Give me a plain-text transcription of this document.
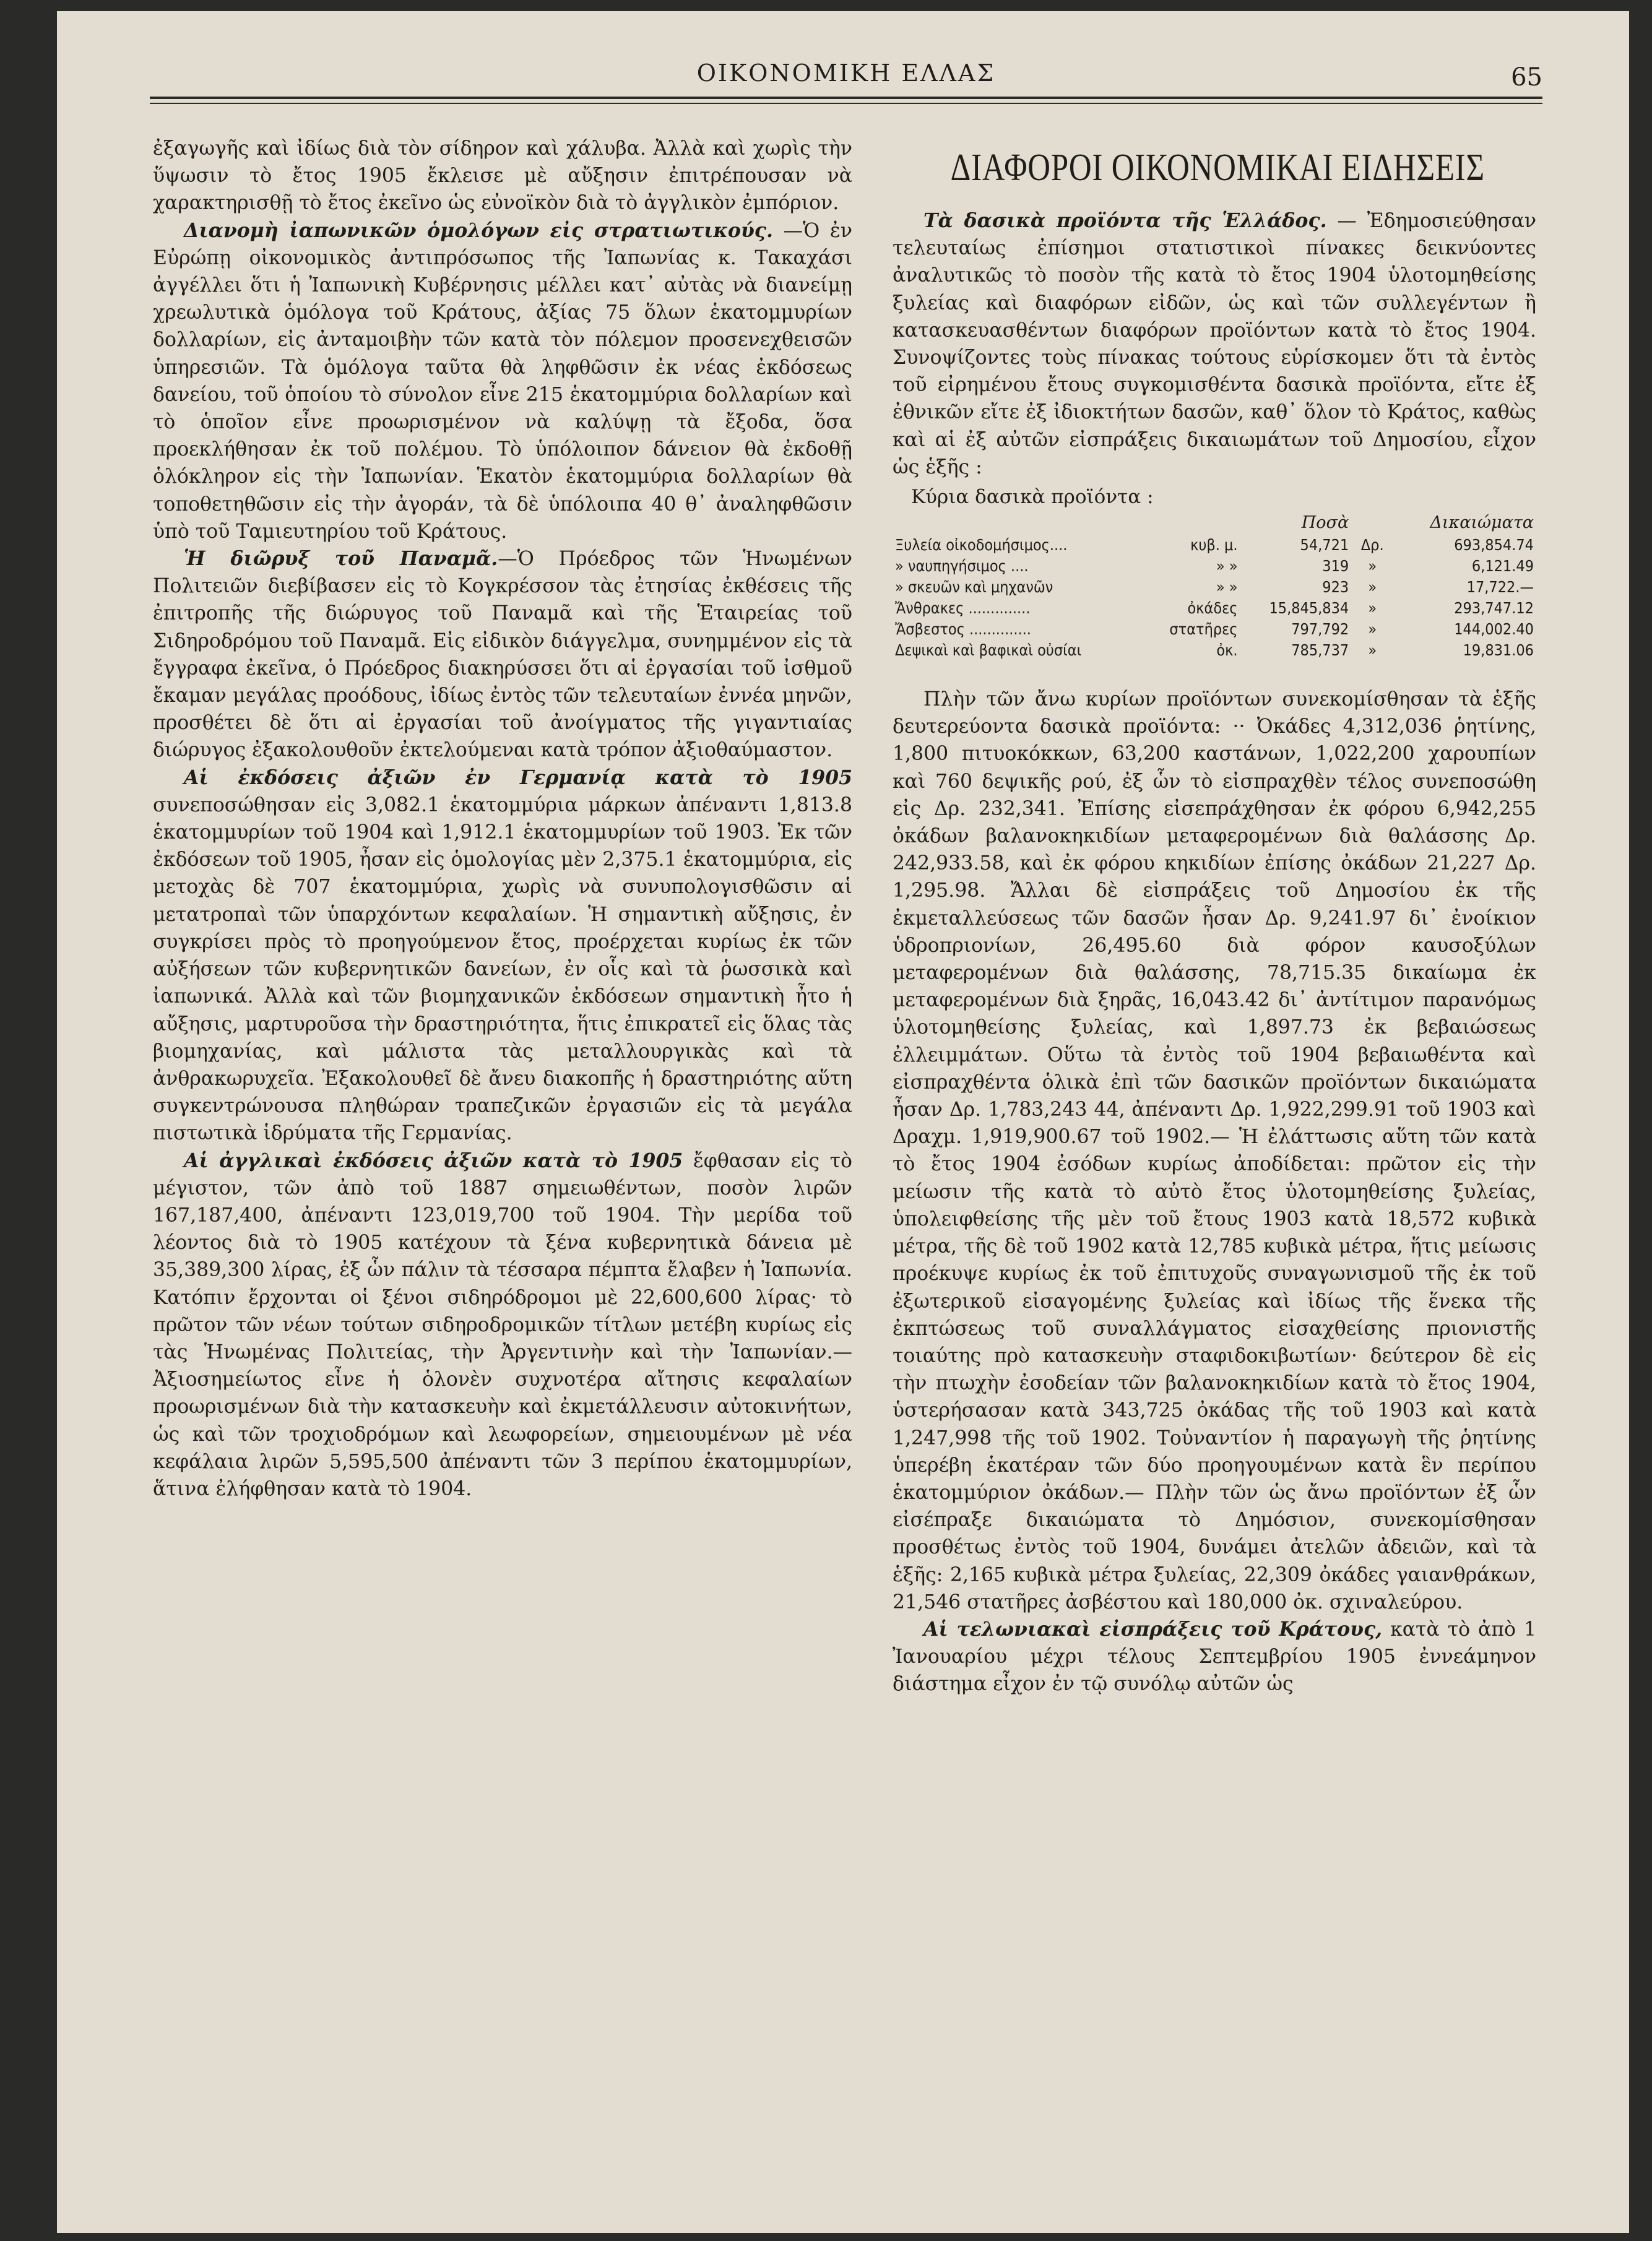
ΟΙΚΟΝΟΜΙΚΗ ΕΛΛΑΣ	65

ἐξαγωγῆς καὶ ἰδίως διὰ τὸν σίδηρον καὶ χάλυβα. Ἀλλὰ καὶ χωρὶς τὴν ὕψωσιν τὸ ἔτος 1905 ἔκλεισε μὲ αὔξησιν ἐπιτρέπουσαν νὰ χαρακτηρισθῇ τὸ ἔτος ἐκεῖνο ὡς εὐνοϊκὸν διὰ τὸ ἀγγλικὸν ἐμπόριον.

Διανομὴ ἰαπωνικῶν ὁμολόγων εἰς στρατιωτικούς. —Ὁ ἐν Εὐρώπῃ οἰκονομικὸς ἀντιπρόσωπος τῆς Ἰαπωνίας κ. Τακαχάσι ἀγγέλλει ὅτι ἡ Ἰαπωνικὴ Κυβέρνησις μέλλει κατ᾽ αὐτὰς νὰ διανείμῃ χρεωλυτικὰ ὁμόλογα τοῦ Κράτους, ἀξίας 75 ὅλων ἑκατομμυρίων δολλαρίων, εἰς ἀνταμοιβὴν τῶν κατὰ τὸν πόλεμον προσενεχθεισῶν ὑπηρεσιῶν. Τὰ ὁμόλογα ταῦτα θὰ ληφθῶσιν ἐκ νέας ἐκδόσεως δανείου, τοῦ ὁποίου τὸ σύνολον εἶνε 215 ἑκατομμύρια δολλαρίων καὶ τὸ ὁποῖον εἶνε προωρισμένον νὰ καλύψῃ τὰ ἔξοδα, ὅσα προεκλήθησαν ἐκ τοῦ πολέμου. Τὸ ὑπόλοιπον δάνειον θὰ ἐκδοθῇ ὁλόκληρον εἰς τὴν Ἰαπωνίαν. Ἑκατὸν ἑκατομμύρια δολλαρίων θὰ τοποθετηθῶσιν εἰς τὴν ἀγοράν, τὰ δὲ ὑπόλοιπα 40 θ᾽ ἀναληφθῶσιν ὑπὸ τοῦ Ταμιευτηρίου τοῦ Κράτους.

Ἡ διῶρυξ τοῦ Παναμᾶ.—Ὁ Πρόεδρος τῶν Ἡνωμένων Πολιτειῶν διεβίβασεν εἰς τὸ Κογκρέσσον τὰς ἐτησίας ἐκθέσεις τῆς ἐπιτροπῆς τῆς διώρυγος τοῦ Παναμᾶ καὶ τῆς Ἑταιρείας τοῦ Σιδηροδρόμου τοῦ Παναμᾶ. Εἰς εἰδικὸν διάγγελμα, συνημμένον εἰς τὰ ἔγγραφα ἐκεῖνα, ὁ Πρόεδρος διακηρύσσει ὅτι αἱ ἐργασίαι τοῦ ἰσθμοῦ ἔκαμαν μεγάλας προόδους, ἰδίως ἐντὸς τῶν τελευταίων ἐννέα μηνῶν, προσθέτει δὲ ὅτι αἱ ἐργασίαι τοῦ ἀνοίγματος τῆς γιγαντιαίας διώρυγος ἐξακολουθοῦν ἐκτελούμεναι κατὰ τρόπον ἀξιοθαύμαστον.

Αἱ ἐκδόσεις ἀξιῶν ἐν Γερμανίᾳ κατὰ τὸ 1905 συνεποσώθησαν εἰς 3,082.1 ἑκατομμύρια μάρκων ἀπέναντι 1,813.8 ἑκατομμυρίων τοῦ 1904 καὶ 1,912.1 ἑκατομμυρίων τοῦ 1903. Ἐκ τῶν ἐκδόσεων τοῦ 1905, ἦσαν εἰς ὁμολογίας μὲν 2,375.1 ἑκατομμύρια, εἰς μετοχὰς δὲ 707 ἑκατομμύρια, χωρὶς νὰ συνυπολογισθῶσιν αἱ μετατροπαὶ τῶν ὑπαρχόντων κεφαλαίων. Ἡ σημαντικὴ αὔξησις, ἐν συγκρίσει πρὸς τὸ προηγούμενον ἔτος, προέρχεται κυρίως ἐκ τῶν αὐξήσεων τῶν κυβερνητικῶν δανείων, ἐν οἷς καὶ τὰ ῥωσσικὰ καὶ ἰαπωνικά. Ἀλλὰ καὶ τῶν βιομηχανικῶν ἐκδόσεων σημαντικὴ ἦτο ἡ αὔξησις, μαρτυροῦσα τὴν δραστηριότητα, ἥτις ἐπικρατεῖ εἰς ὅλας τὰς βιομηχανίας, καὶ μάλιστα τὰς μεταλλουργικὰς καὶ τὰ ἀνθρακωρυχεῖα. Ἐξακολουθεῖ δὲ ἄνευ διακοπῆς ἡ δραστηριότης αὕτη συγκεντρώνουσα πληθώραν τραπεζικῶν ἐργασιῶν εἰς τὰ μεγάλα πιστωτικὰ ἱδρύματα τῆς Γερμανίας.

Αἱ ἀγγλικαὶ ἐκδόσεις ἀξιῶν κατὰ τὸ 1905 ἔφθασαν εἰς τὸ μέγιστον, τῶν ἀπὸ τοῦ 1887 σημειωθέντων, ποσὸν λιρῶν 167,187,400, ἀπέναντι 123,019,700 τοῦ 1904. Τὴν μερίδα τοῦ λέοντος διὰ τὸ 1905 κατέχουν τὰ ξένα κυβερνητικὰ δάνεια μὲ 35,389,300 λίρας, ἐξ ὧν πάλιν τὰ τέσσαρα πέμπτα ἔλαβεν ἡ Ἰαπωνία. Κατόπιν ἔρχονται οἱ ξένοι σιδηρόδρομοι μὲ 22,600,600 λίρας· τὸ πρῶτον τῶν νέων τούτων σιδηροδρομικῶν τίτλων μετέβη κυρίως εἰς τὰς Ἡνωμένας Πολιτείας, τὴν Ἀργεντινὴν καὶ τὴν Ἰαπωνίαν.—Ἀξιοσημείωτος εἶνε ἡ ὁλονὲν συχνοτέρα αἴτησις κεφαλαίων προωρισμένων διὰ τὴν κατασκευὴν καὶ ἐκμετάλλευσιν αὐτοκινήτων, ὡς καὶ τῶν τροχιοδρόμων καὶ λεωφορείων, σημειουμένων μὲ νέα κεφάλαια λιρῶν 5,595,500 ἀπέναντι τῶν 3 περίπου ἑκατομμυρίων, ἅτινα ἐλήφθησαν κατὰ τὸ 1904.

ΔΙΑΦΟΡΟΙ ΟΙΚΟΝΟΜΙΚΑΙ ΕΙΔΗΣΕΙΣ

Τὰ δασικὰ προϊόντα τῆς Ἑλλάδος. — Ἐδημοσιεύθησαν τελευταίως ἐπίσημοι στατιστικοὶ πίνακες δεικνύοντες ἀναλυτικῶς τὸ ποσὸν τῆς κατὰ τὸ ἔτος 1904 ὑλοτομηθείσης ξυλείας καὶ διαφόρων εἰδῶν, ὡς καὶ τῶν συλλεγέντων ἢ κατασκευασθέντων διαφόρων προϊόντων κατὰ τὸ ἔτος 1904. Συνοψίζοντες τοὺς πίνακας τούτους εὑρίσκομεν ὅτι τὰ ἐντὸς τοῦ εἰρημένου ἔτους συγκομισθέντα δασικὰ προϊόντα, εἴτε ἐξ ἐθνικῶν εἴτε ἐξ ἰδιοκτήτων δασῶν, καθ᾽ ὅλον τὸ Κράτος, καθὼς καὶ αἱ ἐξ αὐτῶν εἰσπράξεις δικαιωμάτων τοῦ Δημοσίου, εἶχον ὡς ἑξῆς :

Κύρια δασικὰ προϊόντα :
		Ποσὰ		Δικαιώματα
Ξυλεία οἰκοδομήσιμος....	κυβ. μ.	54,721	Δρ.	693,854.74
» ναυπηγήσιμος ....	» »	319	»	6,121.49
» σκευῶν καὶ μηχανῶν	» »	923	»	17,722.—
Ἄνθρακες ..............	ὀκάδες	15,845,834	»	293,747.12
Ἄσβεστος ..............	στατῆρες	797,792	»	144,002.40
Δεψικαὶ καὶ βαφικαὶ οὐσίαι	ὀκ.	785,737	»	19,831.06

Πλὴν τῶν ἄνω κυρίων προϊόντων συνεκομίσθησαν τὰ ἑξῆς δευτερεύοντα δασικὰ προϊόντα: ·· Ὀκάδες 4,312,036 ῥητίνης, 1,800 πιτυοκόκκων, 63,200 καστάνων, 1,022,200 χαρουπίων καὶ 760 δεψικῆς ρού, ἐξ ὧν τὸ εἰσπραχθὲν τέλος συνεποσώθη εἰς Δρ. 232,341. Ἐπίσης εἰσεπράχθησαν ἐκ φόρου 6,942,255 ὀκάδων βαλανοκηκιδίων μεταφερομένων διὰ θαλάσσης Δρ. 242,933.58, καὶ ἐκ φόρου κηκιδίων ἐπίσης ὀκάδων 21,227 Δρ. 1,295.98. Ἄλλαι δὲ εἰσπράξεις τοῦ Δημοσίου ἐκ τῆς ἐκμεταλλεύσεως τῶν δασῶν ἦσαν Δρ. 9,241.97 δι᾽ ἐνοίκιον ὑδροπριονίων, 26,495.60 διὰ φόρον καυσοξύλων μεταφερομένων διὰ θαλάσσης, 78,715.35 δικαίωμα ἐκ μεταφερομένων διὰ ξηρᾶς, 16,043.42 δι᾽ ἀντίτιμον παρανόμως ὑλοτομηθείσης ξυλείας, καὶ 1,897.73 ἐκ βεβαιώσεως ἐλλειμμάτων. Οὕτω τὰ ἐντὸς τοῦ 1904 βεβαιωθέντα καὶ εἰσπραχθέντα ὁλικὰ ἐπὶ τῶν δασικῶν προϊόντων δικαιώματα ἦσαν Δρ. 1,783,243 44, ἀπέναντι Δρ. 1,922,299.91 τοῦ 1903 καὶ Δραχμ. 1,919,900.67 τοῦ 1902.— Ἡ ἐλάττωσις αὕτη τῶν κατὰ τὸ ἔτος 1904 ἐσόδων κυρίως ἀποδίδεται: πρῶτον εἰς τὴν μείωσιν τῆς κατὰ τὸ αὐτὸ ἔτος ὑλοτομηθείσης ξυλείας, ὑπολειφθείσης τῆς μὲν τοῦ ἔτους 1903 κατὰ 18,572 κυβικὰ μέτρα, τῆς δὲ τοῦ 1902 κατὰ 12,785 κυβικὰ μέτρα, ἥτις μείωσις προέκυψε κυρίως ἐκ τοῦ ἐπιτυχοῦς συναγωνισμοῦ τῆς ἐκ τοῦ ἐξωτερικοῦ εἰσαγομένης ξυλείας καὶ ἰδίως τῆς ἕνεκα τῆς ἐκπτώσεως τοῦ συναλλάγματος εἰσαχθείσης πριονιστῆς τοιαύτης πρὸ κατασκευὴν σταφιδοκιβωτίων· δεύτερον δὲ εἰς τὴν πτωχὴν ἐσοδείαν τῶν βαλανοκηκιδίων κατὰ τὸ ἔτος 1904, ὑστερήσασαν κατὰ 343,725 ὀκάδας τῆς τοῦ 1903 καὶ κατὰ 1,247,998 τῆς τοῦ 1902. Τοὐναντίον ἡ παραγωγὴ τῆς ῥητίνης ὑπερέβη ἑκατέραν τῶν δύο προηγουμένων κατὰ ἓν περίπου ἑκατομμύριον ὀκάδων.— Πλὴν τῶν ὡς ἄνω προϊόντων ἐξ ὧν εἰσέπραξε δικαιώματα τὸ Δημόσιον, συνεκομίσθησαν προσθέτως ἐντὸς τοῦ 1904, δυνάμει ἀτελῶν ἀδειῶν, καὶ τὰ ἑξῆς: 2,165 κυβικὰ μέτρα ξυλείας, 22,309 ὀκάδες γαιανθράκων, 21,546 στατῆρες ἀσβέστου καὶ 180,000 ὀκ. σχιναλεύρου.

Αἱ τελωνιακαὶ εἰσπράξεις τοῦ Κράτους, κατὰ τὸ ἀπὸ 1 Ἰανουαρίου μέχρι τέλους Σεπτεμβρίου 1905 ἐννεάμηνον διάστημα εἶχον ἐν τῷ συνόλῳ αὐτῶν ὡς
